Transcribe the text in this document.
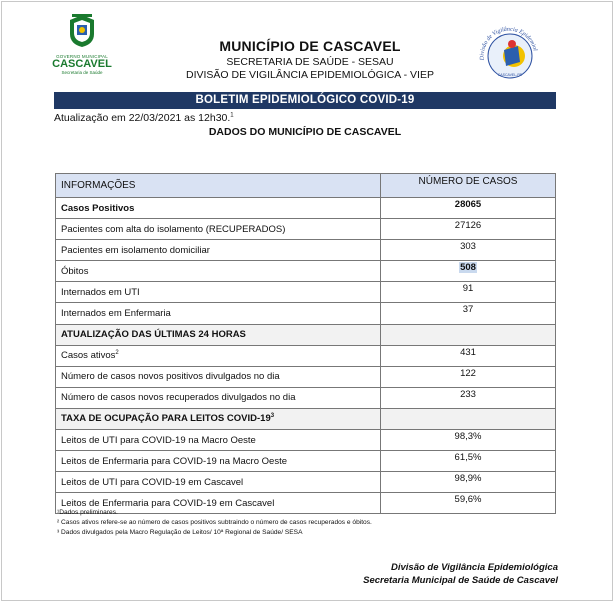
GOVERNO MUNICIPAL
CASCAVEL
Secretaria de Saúde
MUNICÍPIO DE CASCAVEL
SECRETARIA DE SAÚDE - SESAU
DIVISÃO DE VIGILÂNCIA EPIDEMIOLÓGICA - VIEP
Divisão de Vigilância Epidemiol
CASCAVEL-PR
BOLETIM EPIDEMIOLÓGICO COVID-19
Atualização em 22/03/2021 as 12h30.$^1$
DADOS DO MUNICÍPIO DE CASCAVEL
INFORMAÇÕES	NÚMERO DE CASOS
Casos Positivos	28065
Pacientes com alta do isolamento (RECUPERADOS)	27126
Pacientes em isolamento domiciliar	303
Óbitos	508
Internados em UTI	91
Internados em Enfermaria	37
ATUALIZAÇÃO DAS ÚLTIMAS 24 HORAS	
Casos ativos$^2$	431
Número de casos novos positivos divulgados no dia	122
Número de casos novos recuperados divulgados no dia	233
TAXA DE OCUPAÇÃO PARA LEITOS COVID-$19^3$	
Leitos de UTI para COVID-19 na Macro Oeste	98,3%
Leitos de Enfermaria para COVID-19 na Macro Oeste	61,5%
Leitos de UTI para COVID-19 em Cascavel	98,9%
Leitos de Enfermaria para COVID-19 em Cascavel	59,6%
¹Dados preliminares.
² Casos ativos refere-se ao número de casos positivos subtraindo o número de casos recuperados e óbitos.
³ Dados divulgados pela Macro Regulação de Leitos/ 10ª Regional de Saúde/ SESA
Divisão de Vigilância Epidemiológica
Secretaria Municipal de Saúde de Cascavel
